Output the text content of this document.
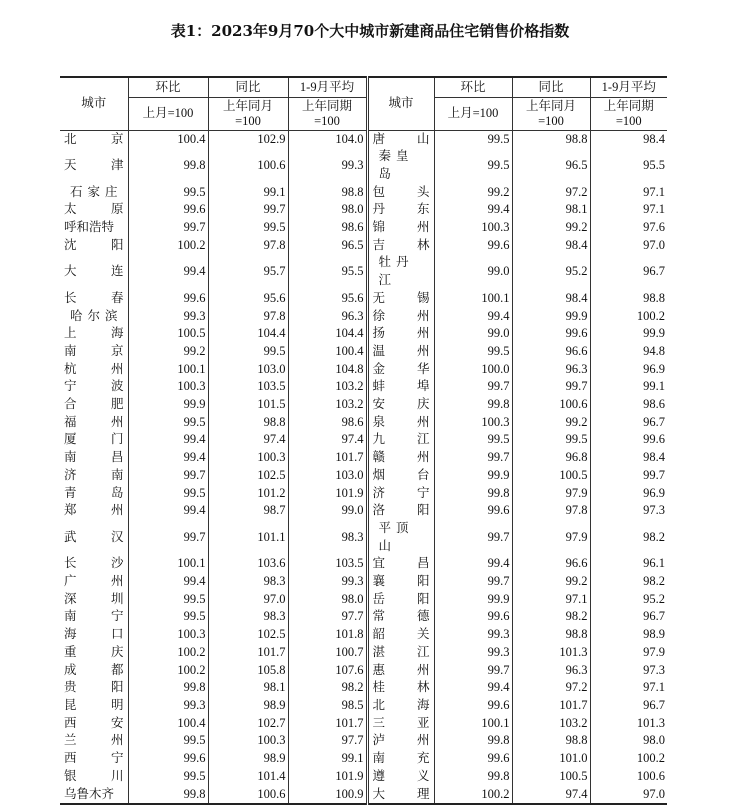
表1：2023年9月70个大中城市新建商品住宅销售价格指数
城市	环比	同比	1-9月平均	城市	环比	同比	1-9月平均
	上月=100	上年同月=100	上年同期=100		上月=100	上年同月=100	上年同期=100

北 京	100.4	102.9	104.0	唐 山	99.5	98.8	98.4

天 津	99.8	100.6	99.3	秦皇岛	99.5	96.5	95.5

石家庄	99.5	99.1	98.8	包 头	99.2	97.2	97.1

太 原	99.6	99.7	98.0	丹 东	99.4	98.1	97.1

呼和浩特	99.7	99.5	98.6	锦 州	100.3	99.2	97.6

沈 阳	100.2	97.8	96.5	吉 林	99.6	98.4	97.0

大 连	99.4	95.7	95.5	牡丹江	99.0	95.2	96.7

长 春	99.6	95.6	95.6	无 锡	100.1	98.4	98.8

哈尔滨	99.3	97.8	96.3	徐 州	99.4	99.9	100.2

上 海	100.5	104.4	104.4	扬 州	99.0	99.6	99.9

南 京	99.2	99.5	100.4	温 州	99.5	96.6	94.8

杭 州	100.1	103.0	104.8	金 华	100.0	96.3	96.9

宁 波	100.3	103.5	103.2	蚌 埠	99.7	99.7	99.1

合 肥	99.9	101.5	103.2	安 庆	99.8	100.6	98.6

福 州	99.5	98.8	98.6	泉 州	100.3	99.2	96.7

厦 门	99.4	97.4	97.4	九 江	99.5	99.5	99.6

南 昌	99.4	100.3	101.7	赣 州	99.7	96.8	98.4

济 南	99.7	102.5	103.0	烟 台	99.9	100.5	99.7

青 岛	99.5	101.2	101.9	济 宁	99.8	97.9	96.9

郑 州	99.4	98.7	99.0	洛 阳	99.6	97.8	97.3

武 汉	99.7	101.1	98.3	平顶山	99.7	97.9	98.2

长 沙	100.1	103.6	103.5	宜 昌	99.4	96.6	96.1

广 州	99.4	98.3	99.3	襄 阳	99.7	99.2	98.2

深 圳	99.5	97.0	98.0	岳 阳	99.9	97.1	95.2

南 宁	99.5	98.3	97.7	常 德	99.6	98.2	96.7

海 口	100.3	102.5	101.8	韶 关	99.3	98.8	98.9

重 庆	100.2	101.7	100.7	湛 江	99.3	101.3	97.9

成 都	100.2	105.8	107.6	惠 州	99.7	96.3	97.3

贵 阳	99.8	98.1	98.2	桂 林	99.4	97.2	97.1

昆 明	99.3	98.9	98.5	北 海	99.6	101.7	96.7

西 安	100.4	102.7	101.7	三 亚	100.1	103.2	101.3

兰 州	99.5	100.3	97.7	泸 州	99.8	98.8	98.0

西 宁	99.6	98.9	99.1	南 充	99.6	101.0	100.2

银 川	99.5	101.4	101.9	遵 义	99.8	100.5	100.6

乌鲁木齐	99.8	100.6	100.9	大 理	100.2	97.4	97.0
